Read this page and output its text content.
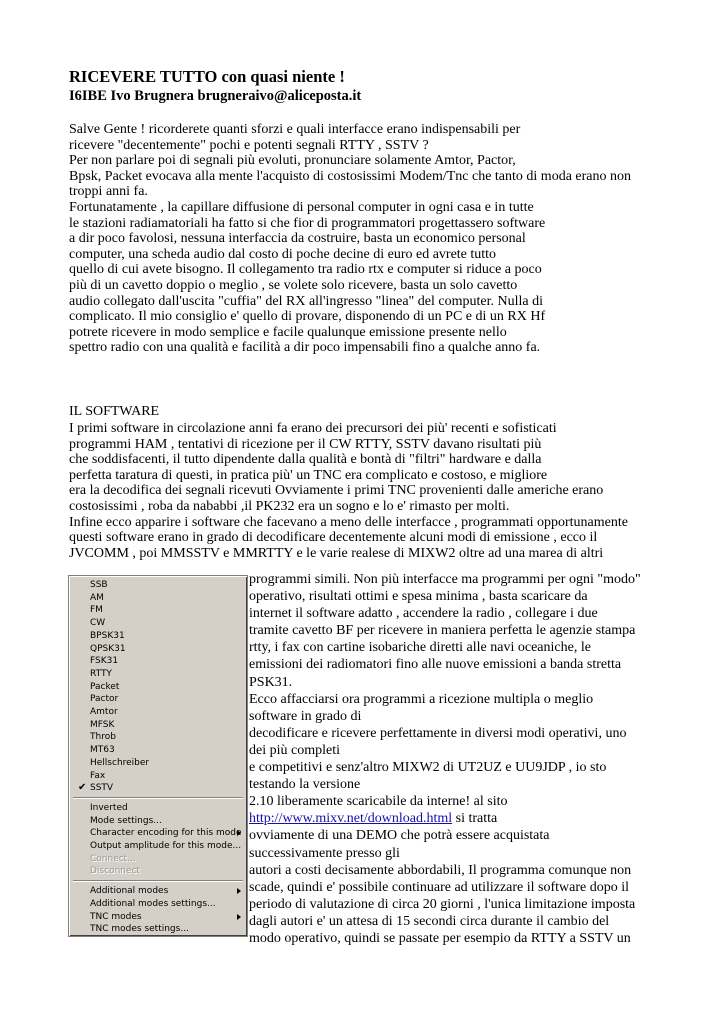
RICEVERE TUTTO con quasi niente !
I6IBE Ivo Brugnera brugneraivo@aliceposta.it
Salve Gente ! ricorderete quanti sforzi e quali interfacce erano indispensabili per
ricevere "decentemente" pochi e potenti segnali RTTY , SSTV ?
Per non parlare poi di segnali più evoluti, pronunciare solamente Amtor, Pactor,
Bpsk, Packet evocava alla mente l'acquisto di costosissimi Modem/Tnc che tanto di moda erano non
troppi anni fa.
Fortunatamente , la capillare diffusione di personal computer in ogni casa e in tutte
le stazioni radiamatoriali ha fatto si che fior di programmatori progettassero software
a dir poco favolosi, nessuna interfaccia da costruire, basta un economico personal
computer, una scheda audio dal costo di poche decine di euro ed avrete tutto
quello di cui avete bisogno. Il collegamento tra radio rtx e computer si riduce a poco
più di un cavetto doppio o meglio , se volete solo ricevere, basta un solo cavetto
audio collegato dall'uscita "cuffia" del RX all'ingresso "linea" del computer. Nulla di
complicato. Il mio consiglio e' quello di provare, disponendo di un PC e di un RX Hf
potrete ricevere in modo semplice e facile qualunque emissione presente nello
spettro radio con una qualità e facilità a dir poco impensabili fino a qualche anno fa.
IL SOFTWARE
I primi software in circolazione anni fa erano dei precursori dei più' recenti e sofisticati
programmi HAM , tentativi di ricezione per il CW RTTY, SSTV davano risultati più
che soddisfacenti, il tutto dipendente dalla qualità e bontà di "filtri" hardware e dalla
perfetta taratura di questi, in pratica più' un TNC era complicato e costoso, e migliore
era la decodifica dei segnali ricevuti Ovviamente i primi TNC provenienti dalle americhe erano
costosissimi , roba da nababbi ,il PK232 era un sogno e lo e' rimasto per molti.
Infine ecco apparire i software che facevano a meno delle interfacce , programmati opportunamente
questi software erano in grado di decodificare decentemente alcuni modi di emissione , ecco il
JVCOMM , poi MMSSTV e MMRTTY e le varie realese di MIXW2 oltre ad una marea di altri
SSB
AM
FM
CW
BPSK31
QPSK31
FSK31
RTTY
Packet
Pactor
Amtor
MFSK
Throb
MT63
Hellschreiber
Fax
SSTV
✔
Inverted
Mode settings...
Character encoding for this mode
Output amplitude for this mode...
Connect...
Disconnect
Additional modes
Additional modes settings...
TNC modes
TNC modes settings...
programmi simili. Non più interfacce ma programmi per ogni "modo"
operativo, risultati ottimi e spesa minima , basta scaricare da
internet il software adatto , accendere la radio , collegare i due
tramite cavetto BF per ricevere in maniera perfetta le agenzie stampa
rtty, i fax con cartine isobariche diretti alle navi oceaniche, le
emissioni dei radiomatori fino alle nuove emissioni a banda stretta
PSK31.
Ecco affacciarsi ora programmi a ricezione multipla o meglio
software in grado di
decodificare e ricevere perfettamente in diversi modi operativi, uno
dei più completi
e competitivi e senz'altro MIXW2 di UT2UZ e UU9JDP , io sto
testando la versione
2.10 liberamente scaricabile da interne! al sito
http://www.mixv.net/download.html si tratta
ovviamente di una DEMO che potrà essere acquistata
successivamente presso gli
autori a costi decisamente abbordabili, Il programma comunque non
scade, quindi e' possibile continuare ad utilizzare il software dopo il
periodo di valutazione di circa 20 giorni , l'unica limitazione imposta
dagli autori e' un attesa di 15 secondi circa durante il cambio del
modo operativo, quindi se passate per esempio da RTTY a SSTV un
